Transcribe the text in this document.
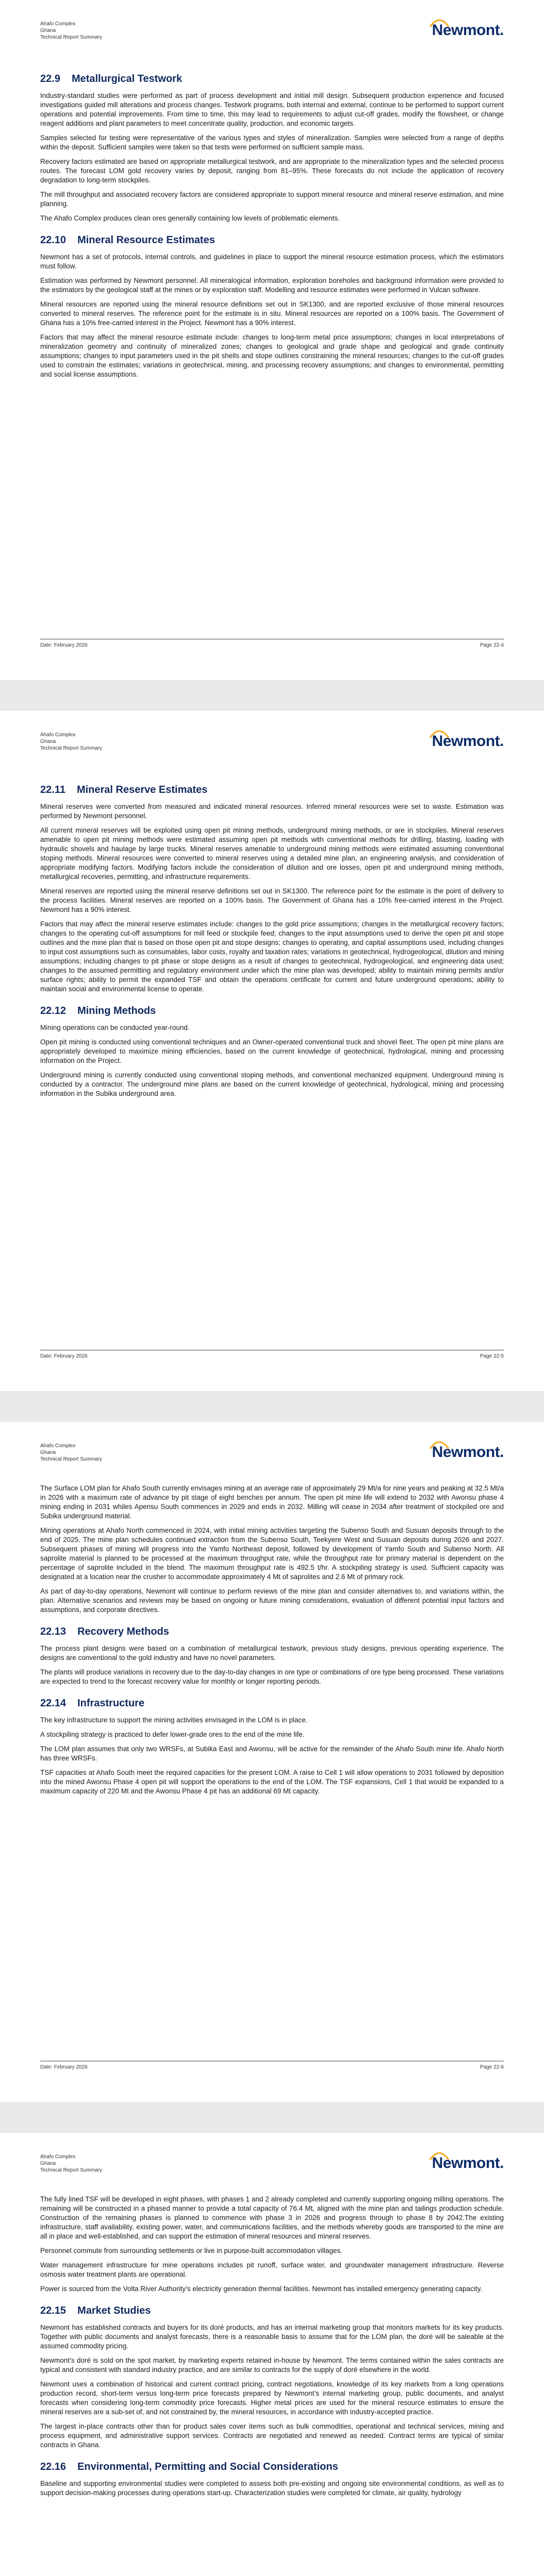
Ahafo Complex
Ghana
Technical Report Summary	Newmont.
22.9 Metallurgical Testwork

Industry-standard studies were performed as part of process development and initial mill design. Subsequent production experience and focused investigations guided mill alterations and process changes. Testwork programs, both internal and external, continue to be performed to support current operations and potential improvements. From time to time, this may lead to requirements to adjust cut-off grades, modify the flowsheet, or change reagent additions and plant parameters to meet concentrate quality, production, and economic targets.

Samples selected for testing were representative of the various types and styles of mineralization. Samples were selected from a range of depths within the deposit. Sufficient samples were taken so that tests were performed on sufficient sample mass.

Recovery factors estimated are based on appropriate metallurgical testwork, and are appropriate to the mineralization types and the selected process routes. The forecast LOM gold recovery varies by deposit, ranging from 81–95%. These forecasts do not include the application of recovery degradation to long-term stockpiles.

The mill throughput and associated recovery factors are considered appropriate to support mineral resource and mineral reserve estimation, and mine planning.

The Ahafo Complex produces clean ores generally containing low levels of problematic elements.

22.10 Mineral Resource Estimates

Newmont has a set of protocols, internal controls, and guidelines in place to support the mineral resource estimation process, which the estimators must follow.

Estimation was performed by Newmont personnel. All mineralogical information, exploration boreholes and background information were provided to the estimators by the geological staff at the mines or by exploration staff. Modelling and resource estimates were performed in Vulcan software.

Mineral resources are reported using the mineral resource definitions set out in SK1300, and are reported exclusive of those mineral resources converted to mineral reserves. The reference point for the estimate is in situ. Mineral resources are reported on a 100% basis. The Government of Ghana has a 10% free-carried interest in the Project. Newmont has a 90% interest.

Factors that may affect the mineral resource estimate include: changes to long-term metal price assumptions; changes in local interpretations of mineralization geometry and continuity of mineralized zones; changes to geological and grade shape and geological and grade continuity assumptions; changes to input parameters used in the pit shells and stope outlines constraining the mineral resources; changes to the cut-off grades used to constrain the estimates; variations in geotechnical, mining, and processing recovery assumptions; and changes to environmental, permitting and social license assumptions.

Date: February 2026	Page 22-4
Ahafo Complex
Ghana
Technical Report Summary	Newmont.
22.11 Mineral Reserve Estimates

Mineral reserves were converted from measured and indicated mineral resources. Inferred mineral resources were set to waste. Estimation was performed by Newmont personnel.

All current mineral reserves will be exploited using open pit mining methods, underground mining methods, or are in stockpiles. Mineral reserves amenable to open pit mining methods were estimated assuming open pit methods with conventional methods for drilling, blasting, loading with hydraulic shovels and haulage by large trucks. Mineral reserves amenable to underground mining methods were estimated assuming conventional stoping methods. Mineral resources were converted to mineral reserves using a detailed mine plan, an engineering analysis, and consideration of appropriate modifying factors. Modifying factors include the consideration of dilution and ore losses, open pit and underground mining methods, metallurgical recoveries, permitting, and infrastructure requirements.

Mineral reserves are reported using the mineral reserve definitions set out in SK1300. The reference point for the estimate is the point of delivery to the process facilities. Mineral reserves are reported on a 100% basis. The Government of Ghana has a 10% free-carried interest in the Project. Newmont has a 90% interest.

Factors that may affect the mineral reserve estimates include: changes to the gold price assumptions; changes in the metallurgical recovery factors; changes to the operating cut-off assumptions for mill feed or stockpile feed; changes to the input assumptions used to derive the open pit and stope outlines and the mine plan that is based on those open pit and stope designs; changes to operating, and capital assumptions used, including changes to input cost assumptions such as consumables, labor costs, royalty and taxation rates; variations in geotechnical, hydrogeological, dilution and mining assumptions; including changes to pit phase or stope designs as a result of changes to geotechnical, hydrogeological, and engineering data used; changes to the assumed permitting and regulatory environment under which the mine plan was developed; ability to maintain mining permits and/or surface rights; ability to permit the expanded TSF and obtain the operations certificate for current and future underground operations; ability to maintain social and environmental license to operate.

22.12 Mining Methods

Mining operations can be conducted year-round.

Open pit mining is conducted using conventional techniques and an Owner-operated conventional truck and shovel fleet. The open pit mine plans are appropriately developed to maximize mining efficiencies, based on the current knowledge of geotechnical, hydrological, mining and processing information on the Project.

Underground mining is currently conducted using conventional stoping methods, and conventional mechanized equipment. Underground mining is conducted by a contractor. The underground mine plans are based on the current knowledge of geotechnical, hydrological, mining and processing information in the Subika underground area.

Date: February 2026	Page 22-5
Ahafo Complex
Ghana
Technical Report Summary	Newmont.

The Surface LOM plan for Ahafo South currently envisages mining at an average rate of approximately 29 Mt/a for nine years and peaking at 32.5 Mt/a in 2026 with a maximum rate of advance by pit stage of eight benches per annum. The open pit mine life will extend to 2032 with Awonsu phase 4 mining ending in 2031 whiles Apensu South commences in 2029 and ends in 2032. Milling will cease in 2034 after treatment of stockpiled ore and Subika underground material.

Mining operations at Ahafo North commenced in 2024, with initial mining activities targeting the Subenso South and Susuan deposits through to the end of 2025. The mine plan schedules continued extraction from the Subenso South, Teekyere West and Susuan deposits during 2026 and 2027. Subsequent phases of mining will progress into the Yamfo Northeast deposit, followed by development of Yamfo South and Subenso North. All saprolite material is planned to be processed at the maximum throughput rate, while the throughput rate for primary material is dependent on the percentage of saprolite included in the blend. The maximum throughput rate is 492.5 t/hr. A stockpiling strategy is used. Sufficient capacity was designated at a location near the crusher to accommodate approximately 4 Mt of saprolites and 2.6 Mt of primary rock.

As part of day-to-day operations, Newmont will continue to perform reviews of the mine plan and consider alternatives to, and variations within, the plan. Alternative scenarios and reviews may be based on ongoing or future mining considerations, evaluation of different potential input factors and assumptions, and corporate directives.

22.13 Recovery Methods

The process plant designs were based on a combination of metallurgical testwork, previous study designs, previous operating experience. The designs are conventional to the gold industry and have no novel parameters.

The plants will produce variations in recovery due to the day-to-day changes in ore type or combinations of ore type being processed. These variations are expected to trend to the forecast recovery value for monthly or longer reporting periods.

22.14 Infrastructure

The key infrastructure to support the mining activities envisaged in the LOM is in place.

A stockpiling strategy is practiced to defer lower-grade ores to the end of the mine life.

The LOM plan assumes that only two WRSFs, at Subika East and Awonsu, will be active for the remainder of the Ahafo South mine life. Ahafo North has three WRSFs.

TSF capacities at Ahafo South meet the required capacities for the present LOM. A raise to Cell 1 will allow operations to 2031 followed by deposition into the mined Awonsu Phase 4 open pit will support the operations to the end of the LOM. The TSF expansions, Cell 1 that would be expanded to a maximum capacity of 220 Mt and the Awonsu Phase 4 pit has an additional 69 Mt capacity.

Date: February 2026	Page 22-6
Ahafo Complex
Ghana
Technical Report Summary	Newmont.

The fully lined TSF will be developed in eight phases, with phases 1 and 2 already completed and currently supporting ongoing milling operations. The remaining will be constructed in a phased manner to provide a total capacity of 76.4 Mt, aligned with the mine plan and tailings production schedule. Construction of the remaining phases is planned to commence with phase 3 in 2026 and progress through to phase 8 by 2042.The existing infrastructure, staff availability, existing power, water, and communications facilities, and the methods whereby goods are transported to the mine are all in place and well-established, and can support the estimation of mineral resources and mineral reserves.

Personnel commute from surrounding settlements or live in purpose-built accommodation villages.

Water management infrastructure for mine operations includes pit runoff, surface water, and groundwater management infrastructure. Reverse osmosis water treatment plants are operational.

Power is sourced from the Volta River Authority’s electricity generation thermal facilities. Newmont has installed emergency generating capacity.

22.15 Market Studies

Newmont has established contracts and buyers for its doré products, and has an internal marketing group that monitors markets for its key products. Together with public documents and analyst forecasts, there is a reasonable basis to assume that for the LOM plan, the doré will be saleable at the assumed commodity pricing.

Newmont’s doré is sold on the spot market, by marketing experts retained in-house by Newmont. The terms contained within the sales contracts are typical and consistent with standard industry practice, and are similar to contracts for the supply of doré elsewhere in the world.

Newmont uses a combination of historical and current contract pricing, contract negotiations, knowledge of its key markets from a long operations production record, short-term versus long-term price forecasts prepared by Newmont’s internal marketing group, public documents, and analyst forecasts when considering long-term commodity price forecasts. Higher metal prices are used for the mineral resource estimates to ensure the mineral reserves are a sub-set of, and not constrained by, the mineral resources, in accordance with industry-accepted practice.

The largest in-place contracts other than for product sales cover items such as bulk commodities, operational and technical services, mining and process equipment, and administrative support services. Contracts are negotiated and renewed as needed. Contract terms are typical of similar contracts in Ghana.

22.16 Environmental, Permitting and Social Considerations

Baseline and supporting environmental studies were completed to assess both pre-existing and ongoing site environmental conditions, as well as to support decision-making processes during operations start-up. Characterization studies were completed for climate, air quality, hydrology
